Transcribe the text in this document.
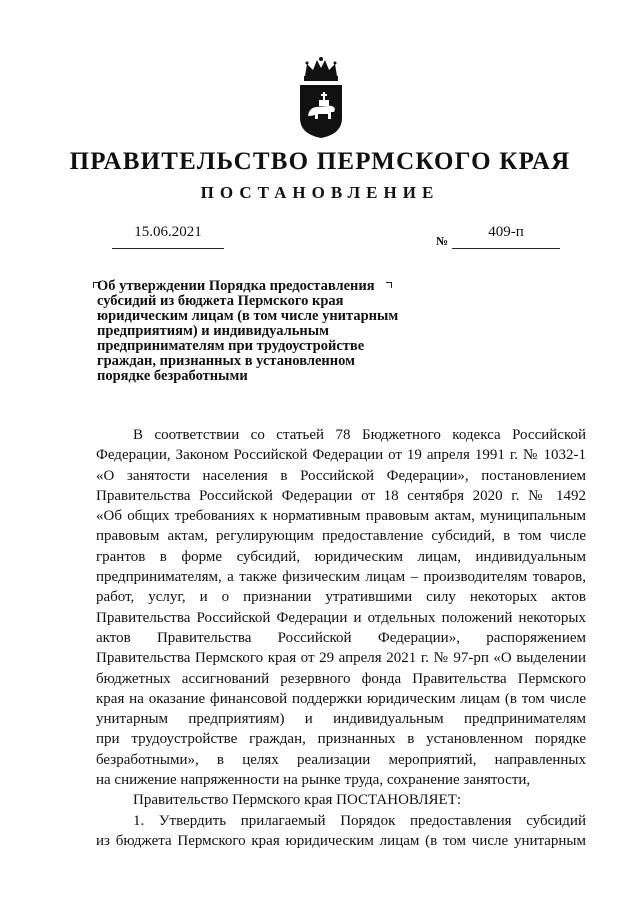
ПРАВИТЕЛЬСТВО ПЕРМСКОГО КРАЯ
ПОСТАНОВЛЕНИЕ
15.06.2021
№
409-п
Об утверждении Порядка предоставления
субсидий из бюджета Пермского края
юридическим лицам (в том числе унитарным
предприятиям) и индивидуальным
предпринимателям при трудоустройстве
граждан, признанных в установленном
порядке безработными
В соответствии со статьей 78 Бюджетного кодекса Российской
Федерации, Законом Российской Федерации от 19 апреля 1991 г. № 1032-1
«О занятости населения в Российской Федерации», постановлением
Правительства Российской Федерации от 18 сентября 2020 г. № 1492
«Об общих требованиях к нормативным правовым актам, муниципальным
правовым актам, регулирующим предоставление субсидий, в том числе
грантов в форме субсидий, юридическим лицам, индивидуальным
предпринимателям, а также физическим лицам – производителям товаров,
работ, услуг, и о признании утратившими силу некоторых актов
Правительства Российской Федерации и отдельных положений некоторых
актов Правительства Российской Федерации», распоряжением
Правительства Пермского края от 29 апреля 2021 г. № 97-рп «О выделении
бюджетных ассигнований резервного фонда Правительства Пермского
края на оказание финансовой поддержки юридическим лицам (в том числе
унитарным предприятиям) и индивидуальным предпринимателям
при трудоустройстве граждан, признанных в установленном порядке
безработными», в целях реализации мероприятий, направленных
на снижение напряженности на рынке труда, сохранение занятости,
Правительство Пермского края ПОСТАНОВЛЯЕТ:
1. Утвердить прилагаемый Порядок предоставления субсидий
из бюджета Пермского края юридическим лицам (в том числе унитарным
